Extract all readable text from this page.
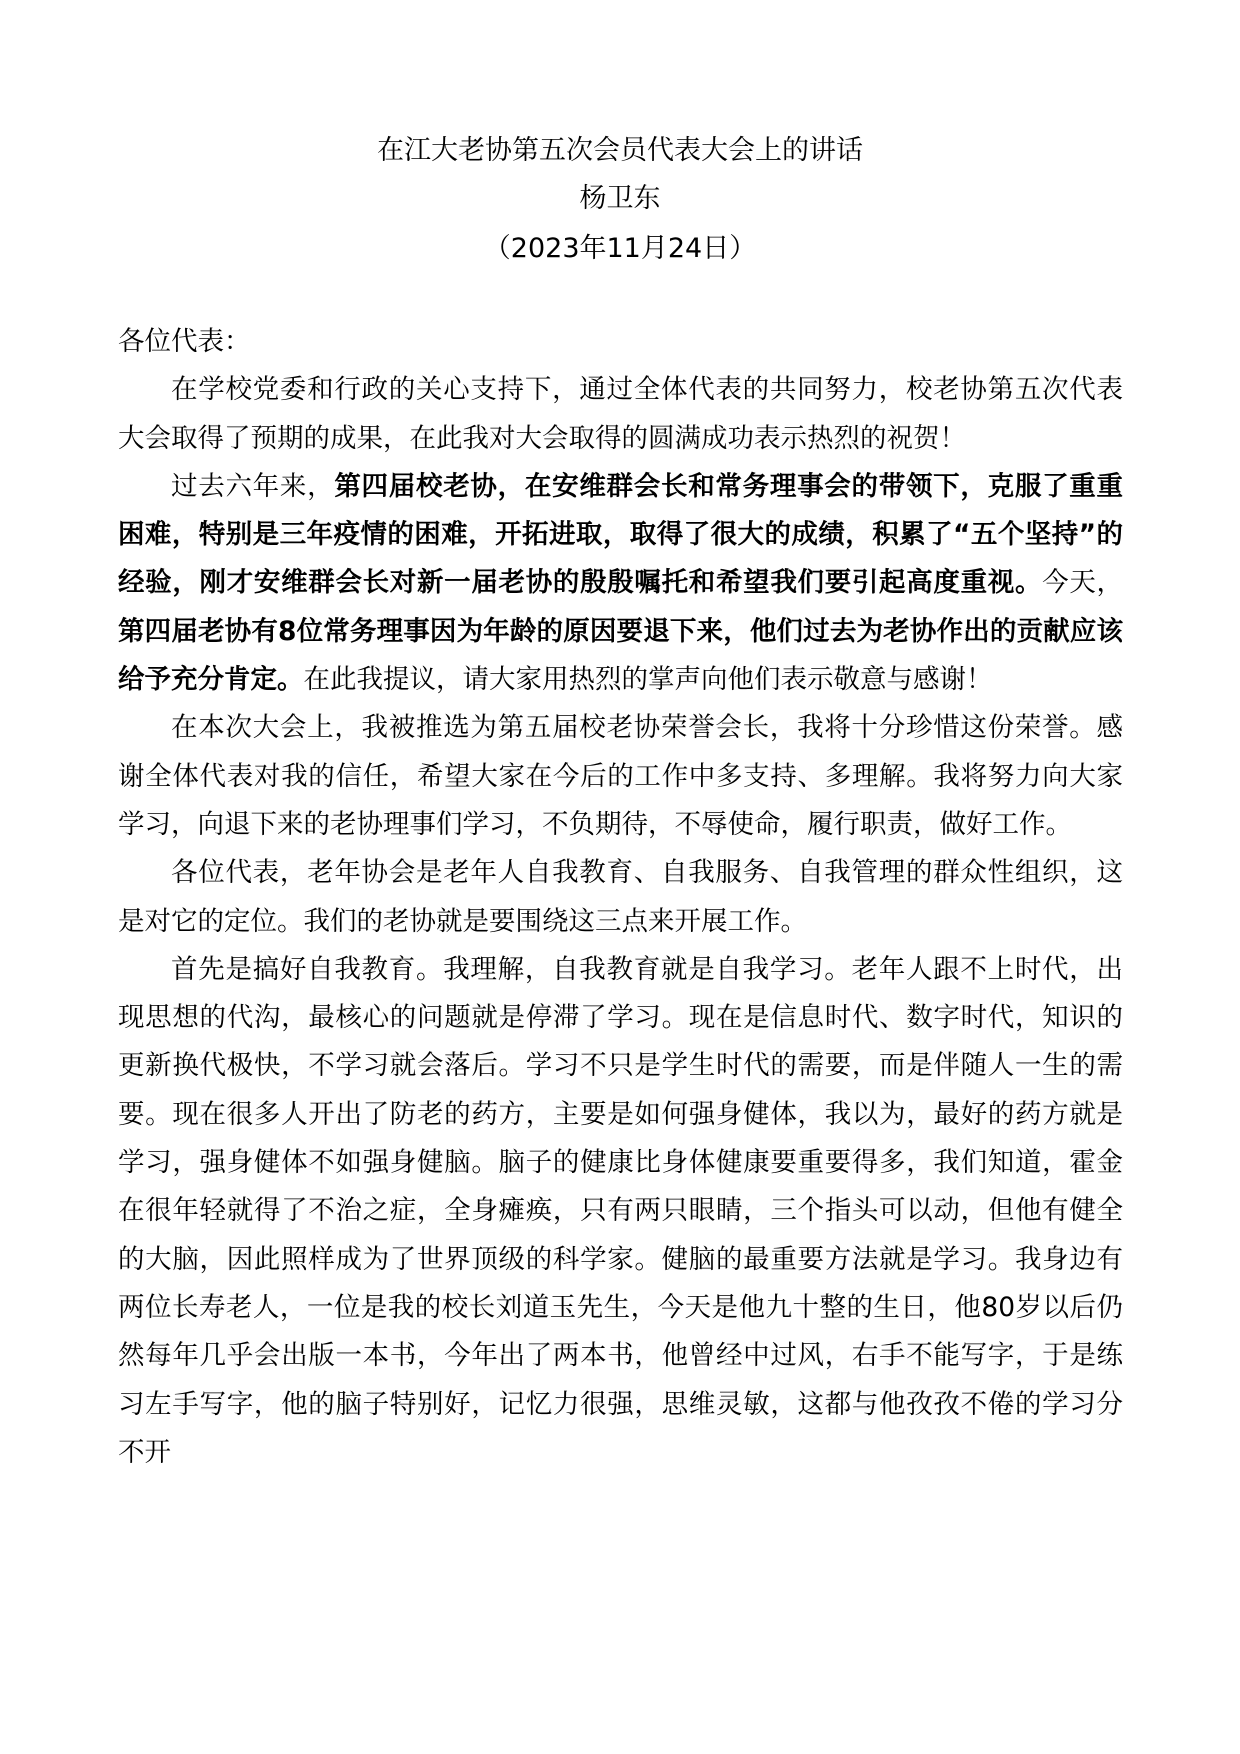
在江大老协第五次会员代表大会上的讲话
杨卫东
（2023年11月24日）

各位代表：

在学校党委和行政的关心支持下，通过全体代表的共同努力，校老协第五次代表大会取得了预期的成果，在此我对大会取得的圆满成功表示热烈的祝贺！

过去六年来，第四届校老协，在安维群会长和常务理事会的带领下，克服了重重困难，特别是三年疫情的困难，开拓进取，取得了很大的成绩，积累了“五个坚持”的经验，刚才安维群会长对新一届老协的殷殷嘱托和希望我们要引起高度重视。今天，第四届老协有8位常务理事因为年龄的原因要退下来，他们过去为老协作出的贡献应该给予充分肯定。在此我提议，请大家用热烈的掌声向他们表示敬意与感谢！

在本次大会上，我被推选为第五届校老协荣誉会长，我将十分珍惜这份荣誉。感谢全体代表对我的信任，希望大家在今后的工作中多支持、多理解。我将努力向大家学习，向退下来的老协理事们学习，不负期待，不辱使命，履行职责，做好工作。

各位代表，老年协会是老年人自我教育、自我服务、自我管理的群众性组织，这是对它的定位。我们的老协就是要围绕这三点来开展工作。

首先是搞好自我教育。我理解，自我教育就是自我学习。老年人跟不上时代，出现思想的代沟，最核心的问题就是停滞了学习。现在是信息时代、数字时代，知识的更新换代极快，不学习就会落后。学习不只是学生时代的需要，而是伴随人一生的需要。现在很多人开出了防老的药方，主要是如何强身健体，我以为，最好的药方就是学习，强身健体不如强身健脑。脑子的健康比身体健康要重要得多，我们知道，霍金在很年轻就得了不治之症，全身瘫痪，只有两只眼睛，三个指头可以动，但他有健全的大脑，因此照样成为了世界顶级的科学家。健脑的最重要方法就是学习。我身边有两位长寿老人，一位是我的校长刘道玉先生，今天是他九十整的生日，他80岁以后仍然每年几乎会出版一本书，今年出了两本书，他曾经中过风，右手不能写字，于是练习左手写字，他的脑子特别好，记忆力很强，思维灵敏，这都与他孜孜不倦的学习分不开
